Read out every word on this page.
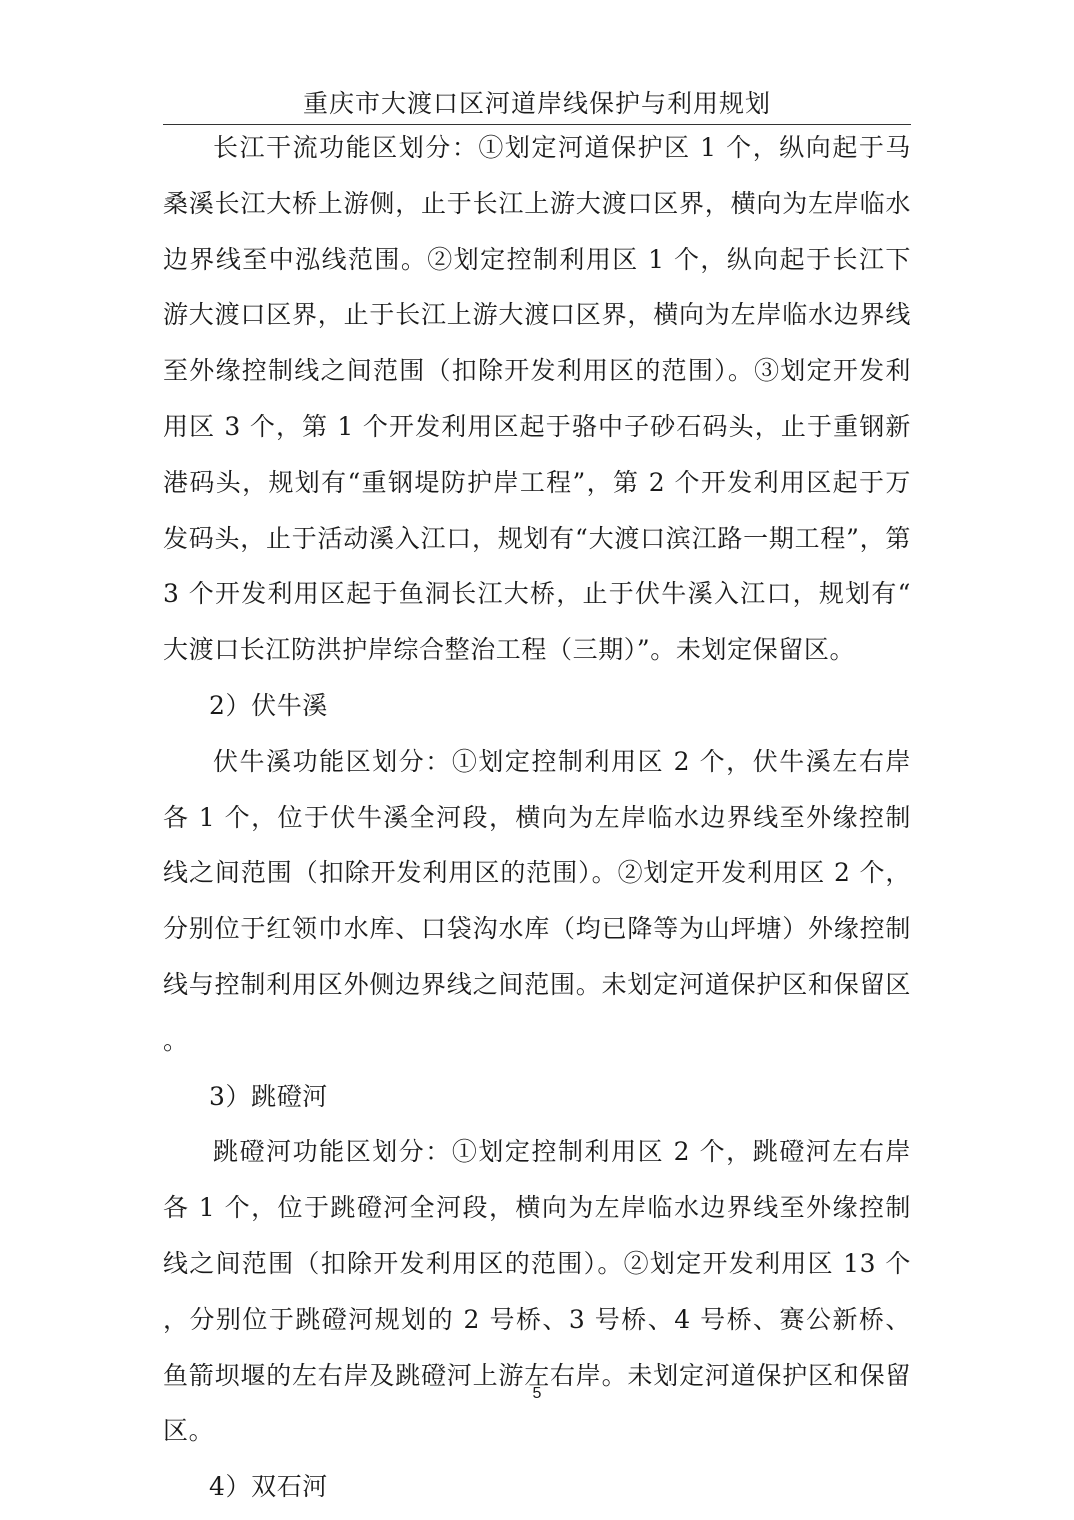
重庆市大渡口区河道岸线保护与利用规划

长江干流功能区划分：①划定河道保护区 1 个，纵向起于马桑溪长江大桥上游侧，止于长江上游大渡口区界，横向为左岸临水边界线至中泓线范围。②划定控制利用区 1 个，纵向起于长江下游大渡口区界，止于长江上游大渡口区界，横向为左岸临水边界线至外缘控制线之间范围（扣除开发利用区的范围）。③划定开发利用区 3 个，第 1 个开发利用区起于骆中子砂石码头，止于重钢新港码头，规划有“重钢堤防护岸工程”，第 2 个开发利用区起于万发码头，止于活动溪入江口，规划有“大渡口滨江路一期工程”，第 3 个开发利用区起于鱼洞长江大桥，止于伏牛溪入江口，规划有“大渡口长江防洪护岸综合整治工程（三期）”。未划定保留区。

2）伏牛溪

伏牛溪功能区划分：①划定控制利用区 2 个，伏牛溪左右岸各 1 个，位于伏牛溪全河段，横向为左岸临水边界线至外缘控制线之间范围（扣除开发利用区的范围）。②划定开发利用区 2 个，分别位于红领巾水库、口袋沟水库（均已降等为山坪塘）外缘控制线与控制利用区外侧边界线之间范围。未划定河道保护区和保留区。

3）跳磴河

跳磴河功能区划分：①划定控制利用区 2 个，跳磴河左右岸各 1 个，位于跳磴河全河段，横向为左岸临水边界线至外缘控制线之间范围（扣除开发利用区的范围）。②划定开发利用区 13 个，分别位于跳磴河规划的 2 号桥、3 号桥、4 号桥、赛公新桥、鱼箭坝堰的左右岸及跳磴河上游左右岸。未划定河道保护区和保留区。

4）双石河

5
